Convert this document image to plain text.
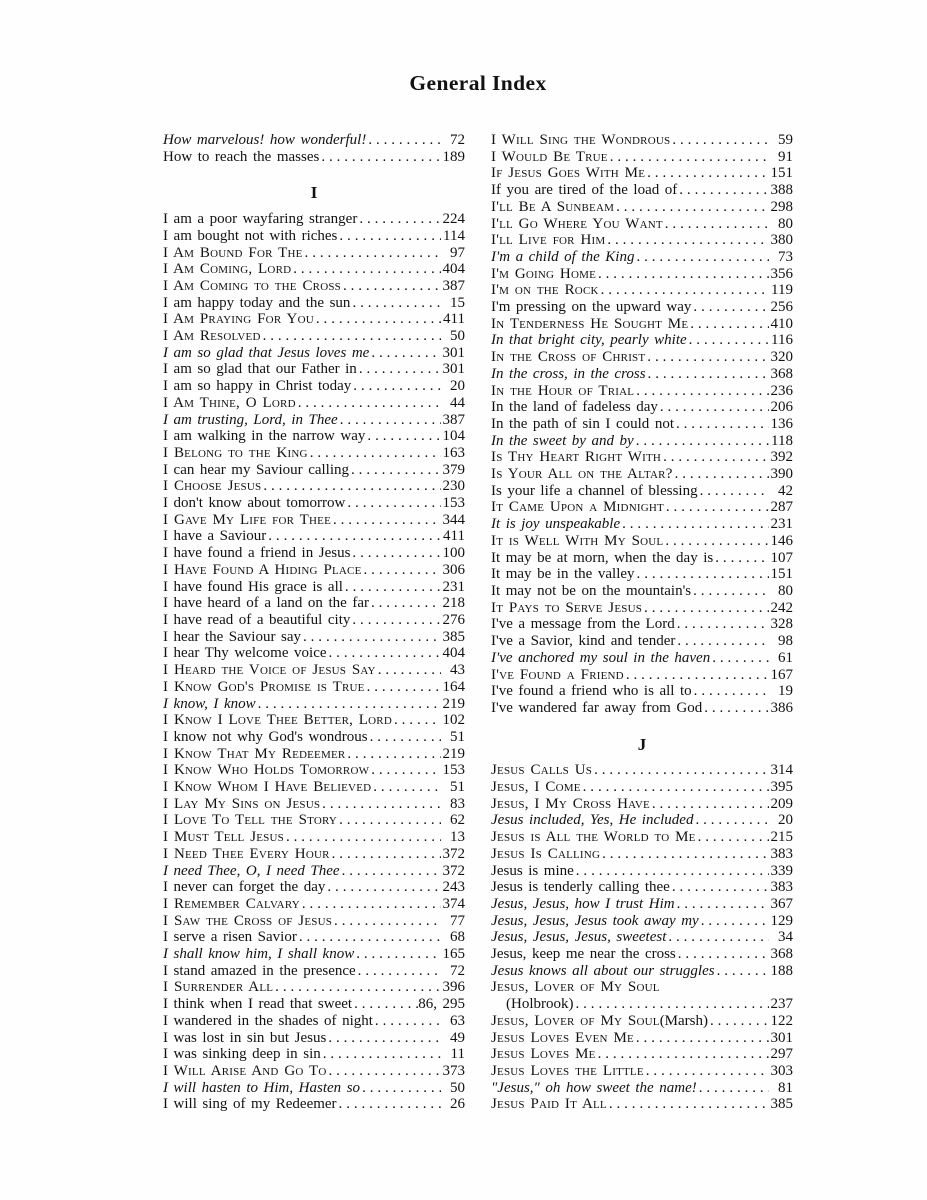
General Index
How marvelous! how wonderful! .....	72
How to reach the masses .....	189
I
I am a poor wayfaring stranger .....	224
I am bought not with riches .....	114
I Am Bound For The .....	97
I Am Coming, Lord .....	404
I Am Coming to the Cross .....	387
I am happy today and the sun .....	15
I Am Praying For You .....	411
I Am Resolved .....	50
I am so glad that Jesus loves me .....	301
I am so glad that our Father in .....	301
I am so happy in Christ today .....	20
I Am Thine, O Lord .....	44
I am trusting, Lord, in Thee .....	387
I am walking in the narrow way .....	104
I Belong to the King .....	163
I can hear my Saviour calling .....	379
I Choose Jesus .....	230
I don't know about tomorrow .....	153
I Gave My Life for Thee .....	344
I have a Saviour .....	411
I have found a friend in Jesus .....	100
I Have Found A Hiding Place .....	306
I have found His grace is all .....	231
I have heard of a land on the far .....	218
I have read of a beautiful city .....	276
I hear the Saviour say .....	385
I hear Thy welcome voice .....	404
I Heard the Voice of Jesus Say .....	43
I Know God's Promise is True .....	164
I know, I know .....	219
I Know I Love Thee Better, Lord .....	102
I know not why God's wondrous .....	51
I Know That My Redeemer .....	219
I Know Who Holds Tomorrow .....	153
I Know Whom I Have Believed .....	51
I Lay My Sins on Jesus .....	83
I Love To Tell the Story .....	62
I Must Tell Jesus .....	13
I Need Thee Every Hour .....	372
I need Thee, O, I need Thee .....	372
I never can forget the day .....	243
I Remember Calvary .....	374
I Saw the Cross of Jesus .....	77
I serve a risen Savior .....	68
I shall know him, I shall know .....	165
I stand amazed in the presence .....	72
I Surrender All .....	396
I think when I read that sweet .....	86, 295
I wandered in the shades of night .....	63
I was lost in sin but Jesus .....	49
I was sinking deep in sin .....	11
I Will Arise And Go To .....	373
I will hasten to Him, Hasten so .....	50
I will sing of my Redeemer .....	26
I Will Sing the Wondrous .....	59
I Would Be True .....	91
If Jesus Goes With Me .....	151
If you are tired of the load of .....	388
I'll Be A Sunbeam .....	298
I'll Go Where You Want .....	80
I'll Live for Him .....	380
I'm a child of the King .....	73
I'm Going Home .....	356
I'm on the Rock .....	119
I'm pressing on the upward way .....	256
In Tenderness He Sought Me .....	410
In that bright city, pearly white .....	116
In the Cross of Christ .....	320
In the cross, in the cross .....	368
In the Hour of Trial .....	236
In the land of fadeless day .....	206
In the path of sin I could not .....	136
In the sweet by and by .....	118
Is Thy Heart Right With .....	392
Is Your All on the Altar? .....	390
Is your life a channel of blessing .....	42
It Came Upon a Midnight .....	287
It is joy unspeakable .....	231
It is Well With My Soul .....	146
It may be at morn, when the day is .....	107
It may be in the valley .....	151
It may not be on the mountain's .....	80
It Pays to Serve Jesus .....	242
I've a message from the Lord .....	328
I've a Savior, kind and tender .....	98
I've anchored my soul in the haven .....	61
I've Found a Friend .....	167
I've found a friend who is all to .....	19
I've wandered far away from God .....	386
J
Jesus Calls Us .....	314
Jesus, I Come .....	395
Jesus, I My Cross Have .....	209
Jesus included, Yes, He included .....	20
Jesus is All the World to Me .....	215
Jesus Is Calling .....	383
Jesus is mine .....	339
Jesus is tenderly calling thee .....	383
Jesus, Jesus, how I trust Him .....	367
Jesus, Jesus, Jesus took away my .....	129
Jesus, Jesus, Jesus, sweetest .....	34
Jesus, keep me near the cross .....	368
Jesus knows all about our struggles .....	188
Jesus, Lover of My Soul
(Holbrook) .....	237
Jesus, Lover of My Soul (Marsh) .....	122
Jesus Loves Even Me .....	301
Jesus Loves Me .....	297
Jesus Loves the Little .....	303
"Jesus," oh how sweet the name! .....	81
Jesus Paid It All .....	385
